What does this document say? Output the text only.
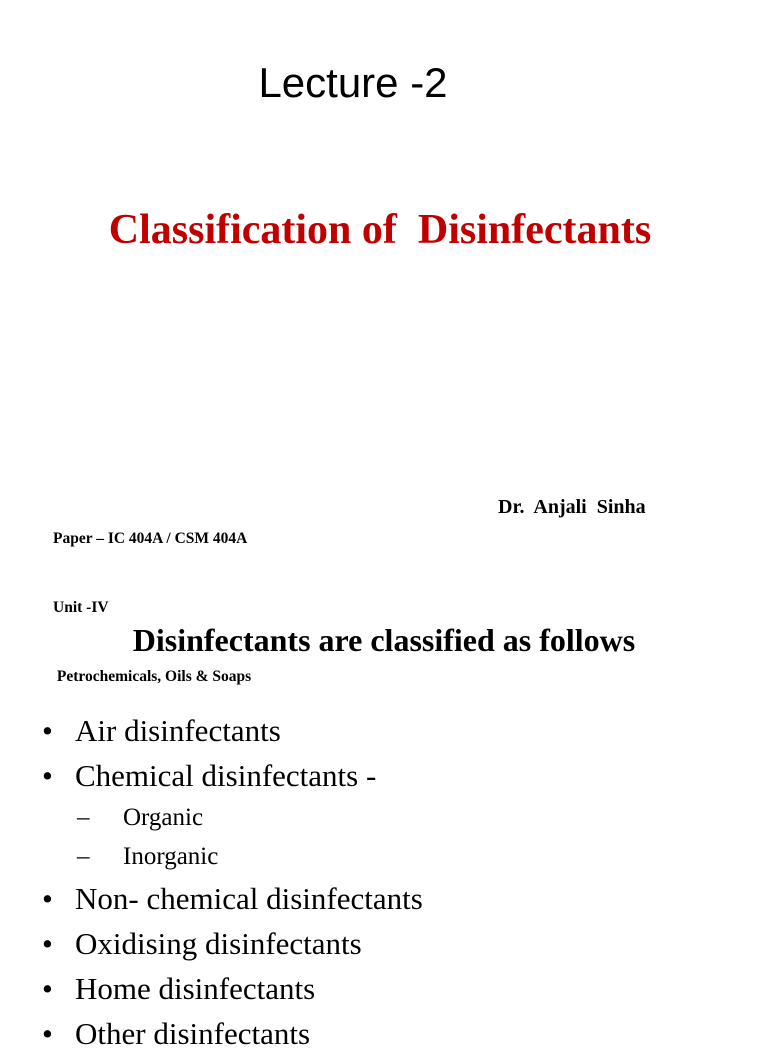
Lecture -2
Classification of  Disinfectants

Paper – IC 404A / CSM 404A

Unit -IV

Petrochemicals, Oils & Soaps

Dr.  Anjali  Sinha
Disinfectants are classified as follows
• Air disinfectants
• Chemical disinfectants -
– Organic
– Inorganic
• Non- chemical disinfectants
• Oxidising disinfectants
• Home disinfectants
• Other disinfectants
